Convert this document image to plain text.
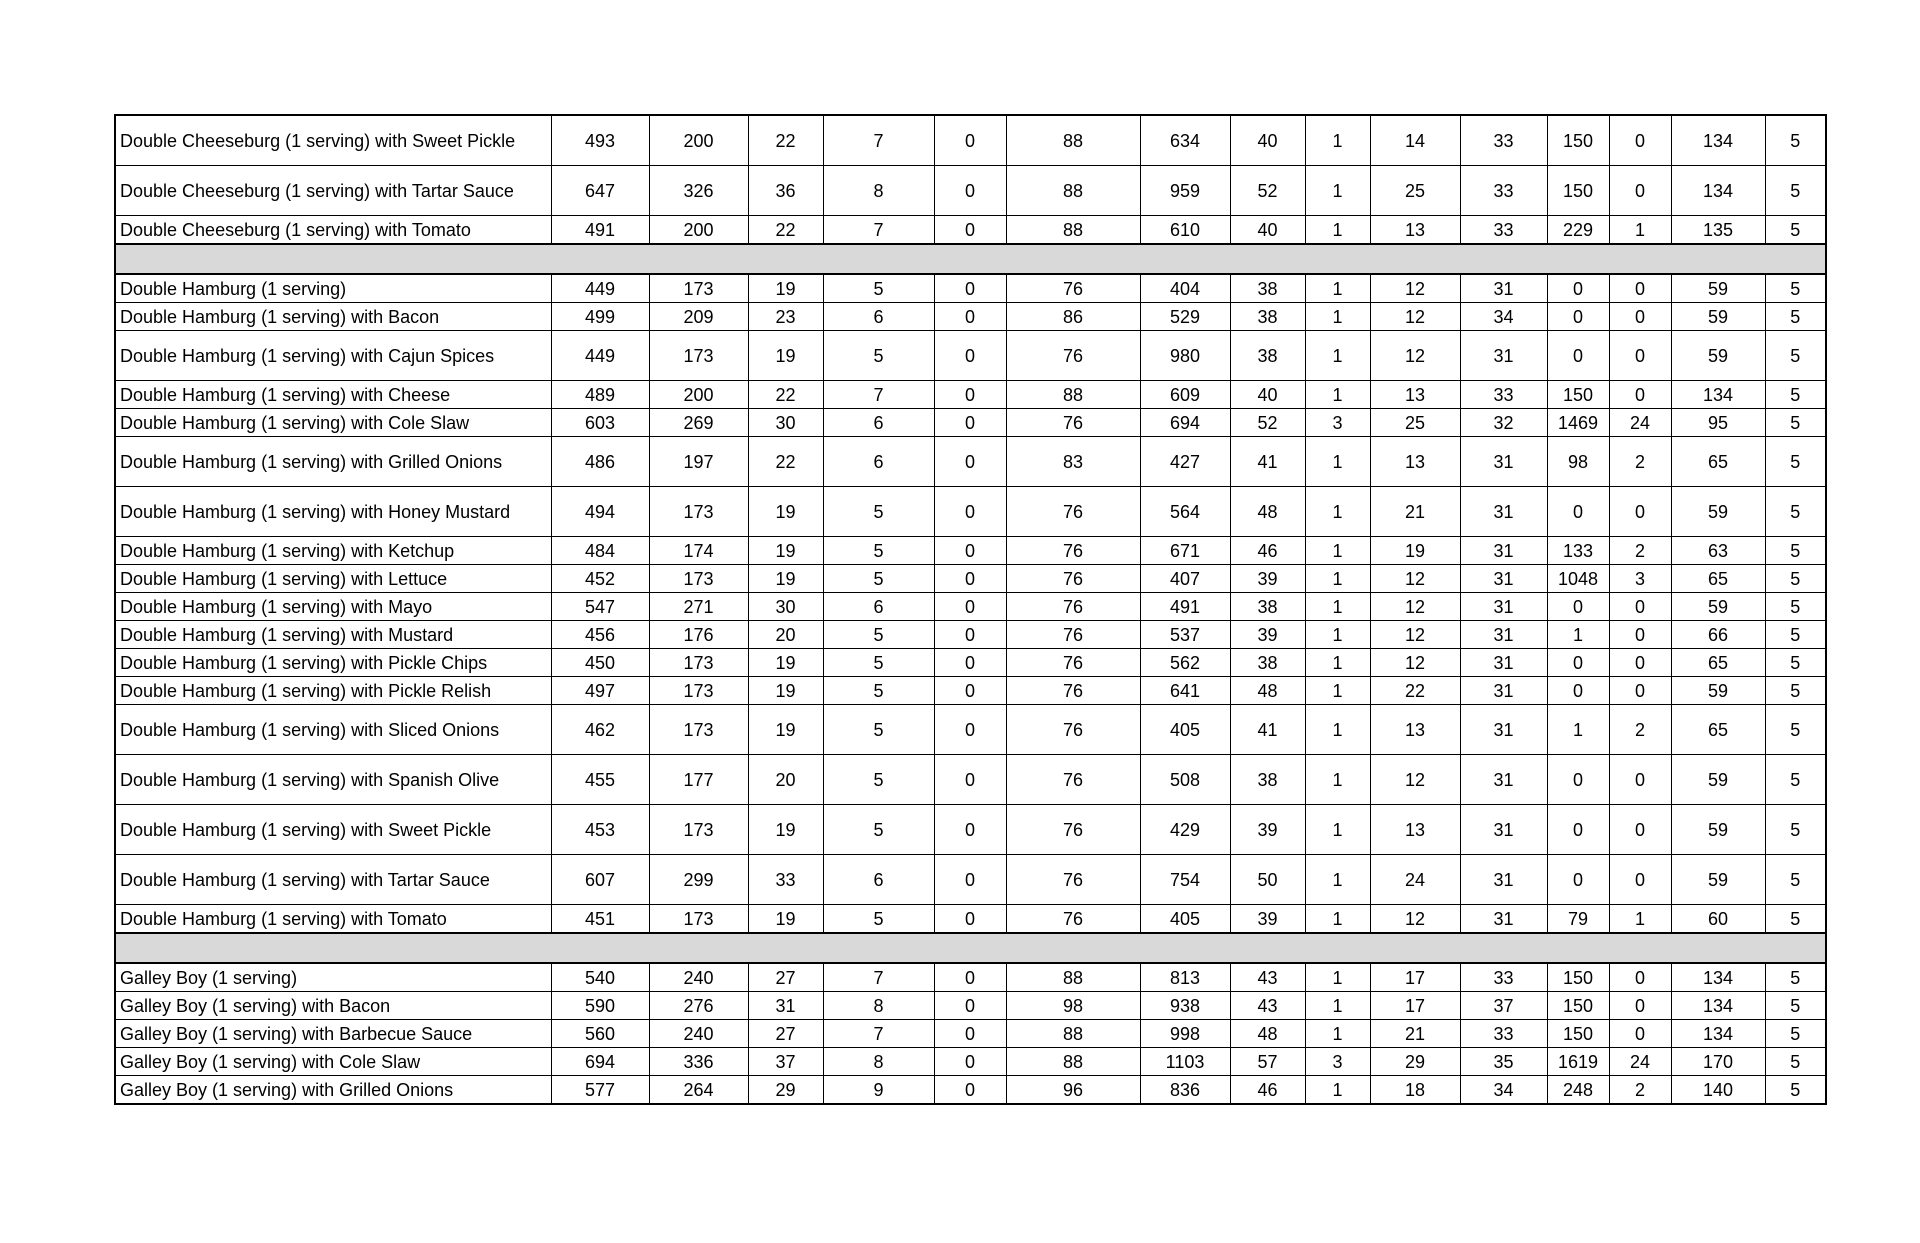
Double Cheeseburg (1 serving) with Sweet Pickle	493	200	22	7	0	88	634	40	1	14	33	150	0	134	5
Double Cheeseburg (1 serving) with Tartar Sauce	647	326	36	8	0	88	959	52	1	25	33	150	0	134	5
Double Cheeseburg (1 serving) with Tomato	491	200	22	7	0	88	610	40	1	13	33	229	1	135	5

Double Hamburg (1 serving)	449	173	19	5	0	76	404	38	1	12	31	0	0	59	5
Double Hamburg (1 serving) with Bacon	499	209	23	6	0	86	529	38	1	12	34	0	0	59	5
Double Hamburg (1 serving) with Cajun Spices	449	173	19	5	0	76	980	38	1	12	31	0	0	59	5
Double Hamburg (1 serving) with Cheese	489	200	22	7	0	88	609	40	1	13	33	150	0	134	5
Double Hamburg (1 serving) with Cole Slaw	603	269	30	6	0	76	694	52	3	25	32	1469	24	95	5
Double Hamburg (1 serving) with Grilled Onions	486	197	22	6	0	83	427	41	1	13	31	98	2	65	5
Double Hamburg (1 serving) with Honey Mustard	494	173	19	5	0	76	564	48	1	21	31	0	0	59	5
Double Hamburg (1 serving) with Ketchup	484	174	19	5	0	76	671	46	1	19	31	133	2	63	5
Double Hamburg (1 serving) with Lettuce	452	173	19	5	0	76	407	39	1	12	31	1048	3	65	5
Double Hamburg (1 serving) with Mayo	547	271	30	6	0	76	491	38	1	12	31	0	0	59	5
Double Hamburg (1 serving) with Mustard	456	176	20	5	0	76	537	39	1	12	31	1	0	66	5
Double Hamburg (1 serving) with Pickle Chips	450	173	19	5	0	76	562	38	1	12	31	0	0	65	5
Double Hamburg (1 serving) with Pickle Relish	497	173	19	5	0	76	641	48	1	22	31	0	0	59	5
Double Hamburg (1 serving) with Sliced Onions	462	173	19	5	0	76	405	41	1	13	31	1	2	65	5
Double Hamburg (1 serving) with Spanish Olive	455	177	20	5	0	76	508	38	1	12	31	0	0	59	5
Double Hamburg (1 serving) with Sweet Pickle	453	173	19	5	0	76	429	39	1	13	31	0	0	59	5
Double Hamburg (1 serving) with Tartar Sauce	607	299	33	6	0	76	754	50	1	24	31	0	0	59	5
Double Hamburg (1 serving) with Tomato	451	173	19	5	0	76	405	39	1	12	31	79	1	60	5

Galley Boy (1 serving)	540	240	27	7	0	88	813	43	1	17	33	150	0	134	5
Galley Boy (1 serving) with Bacon	590	276	31	8	0	98	938	43	1	17	37	150	0	134	5
Galley Boy (1 serving) with Barbecue Sauce	560	240	27	7	0	88	998	48	1	21	33	150	0	134	5
Galley Boy (1 serving) with Cole Slaw	694	336	37	8	0	88	1103	57	3	29	35	1619	24	170	5
Galley Boy (1 serving) with Grilled Onions	577	264	29	9	0	96	836	46	1	18	34	248	2	140	5
